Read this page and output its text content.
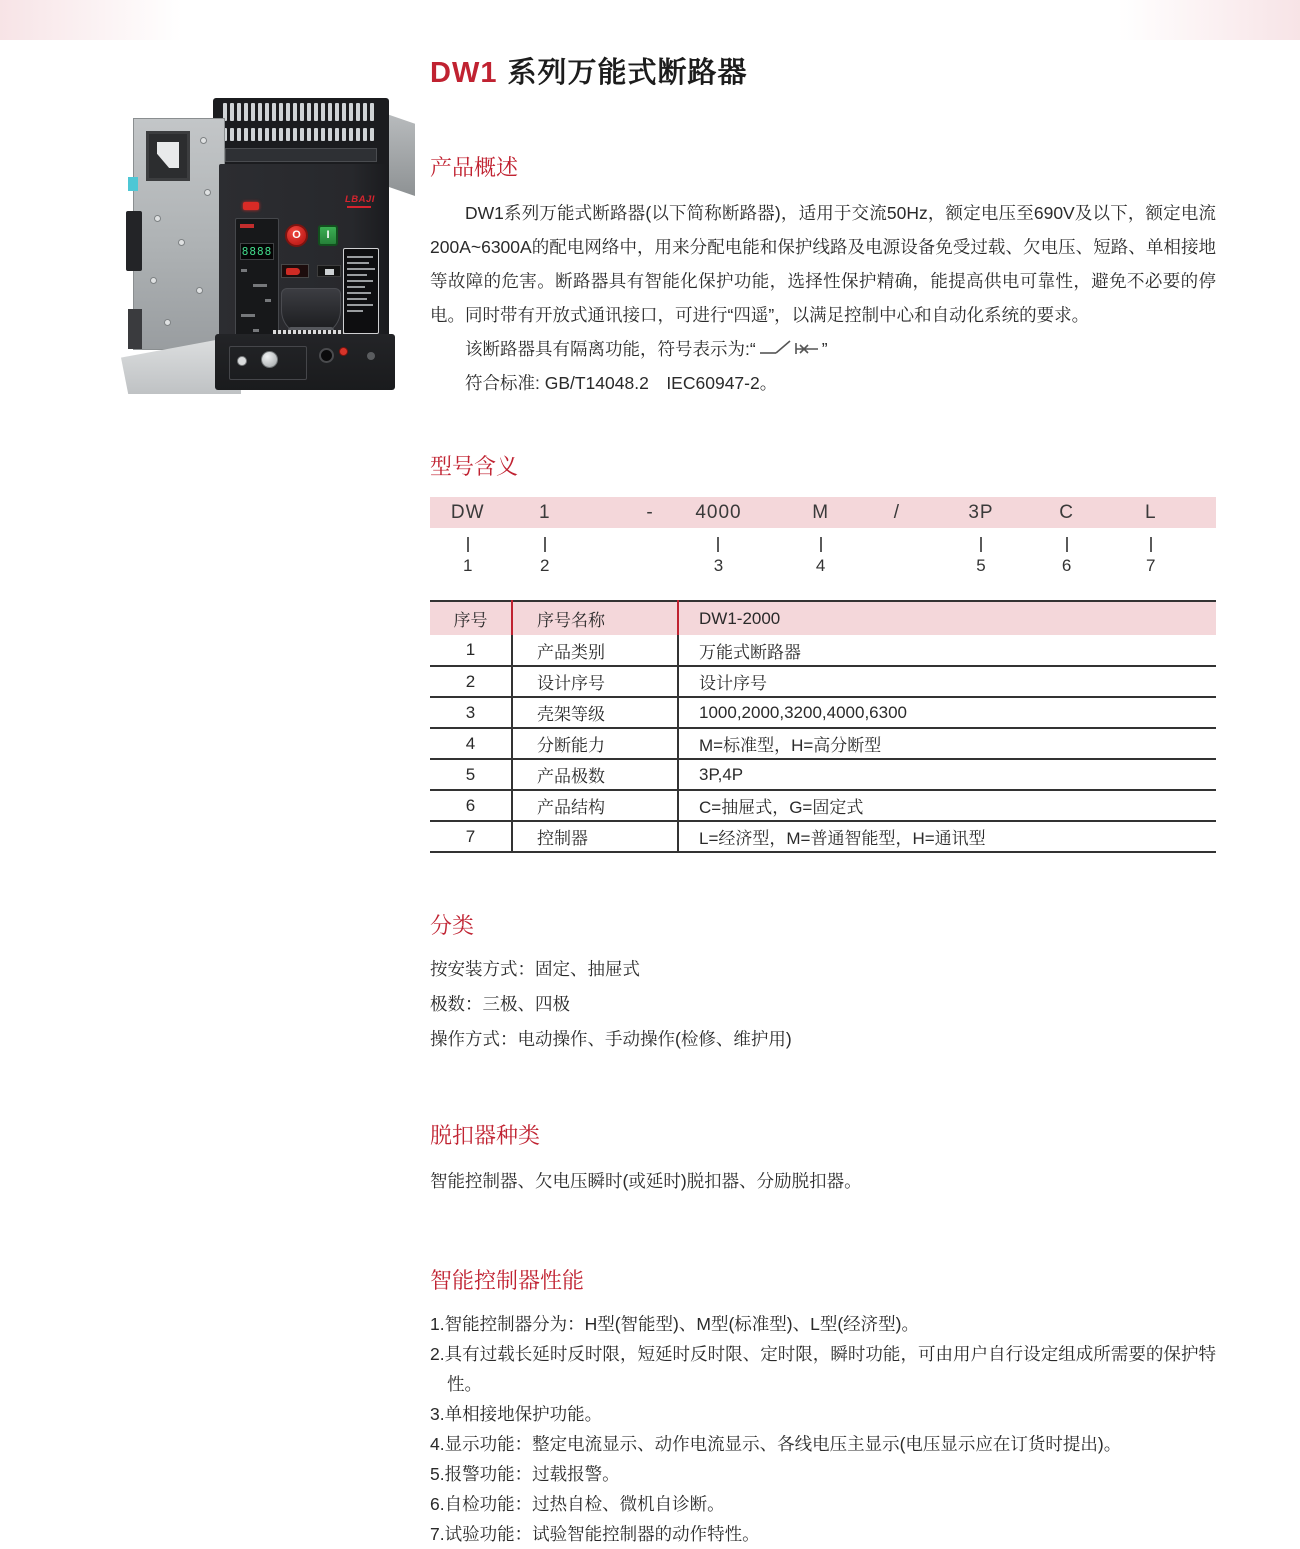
8888
O	I
LBAJI
DW1 系列万能式断路器
产品概述

DW1系列万能式断路器(以下简称断路器)，适用于交流50Hz，额定电压至690V及以下，额定电流200A~6300A的配电网络中，用来分配电能和保护线路及电源设备免受过载、欠电压、短路、单相接地等故障的危害。断路器具有智能化保护功能，选择性保护精确，能提高供电可靠性，避免不必要的停电。同时带有开放式通讯接口，可进行“四遥”，以满足控制中心和自动化系统的要求。

该断路器具有隔离功能，符号表示为:“	”

符合标准: GB/T14048.2　IEC60947-2。

型号含义
DW	1	- 4000	M	/	3P	C	L
1	2	3	4	5	6	7
序号	序号名称	DW1-2000
1	产品类别	万能式断路器
2	设计序号	设计序号
3	壳架等级	1000,2000,3200,4000,6300
4	分断能力	M=标准型，H=高分断型
5	产品极数	3P,4P
6	产品结构	C=抽屉式，G=固定式
7	控制器	L=经济型，M=普通智能型，H=通讯型
分类
按安装方式：固定、抽屉式
极数：三极、四极
操作方式：电动操作、手动操作(检修、维护用)
脱扣器种类

智能控制器、欠电压瞬时(或延时)脱扣器、分励脱扣器。

智能控制器性能
1.智能控制器分为：H型(智能型)、M型(标准型)、L型(经济型)。
2.具有过载长延时反时限，短延时反时限、定时限，瞬时功能，可由用户自行设定组成所需要的保护特性。
3.单相接地保护功能。
4.显示功能：整定电流显示、动作电流显示、各线电压主显示(电压显示应在订货时提出)。
5.报警功能：过载报警。
6.自检功能：过热自检、微机自诊断。
7.试验功能：试验智能控制器的动作特性。
